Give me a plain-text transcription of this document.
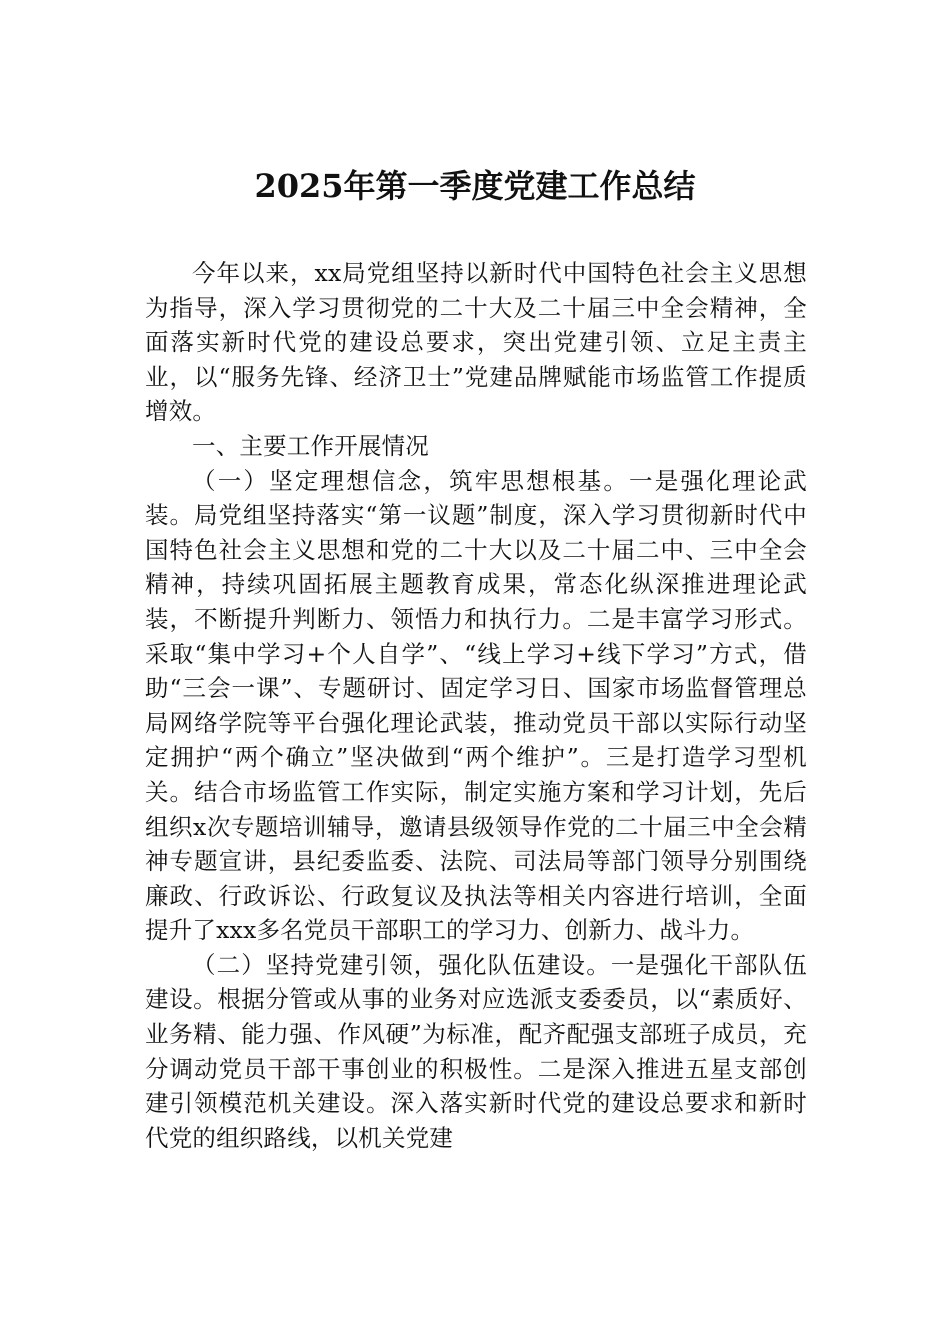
2025年第一季度党建工作总结

今年以来，xx局党组坚持以新时代中国特色社会主义思想为指导，深入学习贯彻党的二十大及二十届三中全会精神，全面落实新时代党的建设总要求，突出党建引领、立足主责主业，以“服务先锋、经济卫士”党建品牌赋能市场监管工作提质增效。

一、主要工作开展情况

（一）坚定理想信念，筑牢思想根基。一是强化理论武装。局党组坚持落实“第一议题”制度，深入学习贯彻新时代中国特色社会主义思想和党的二十大以及二十届二中、三中全会精神，持续巩固拓展主题教育成果，常态化纵深推进理论武装，不断提升判断力、领悟力和执行力。二是丰富学习形式。采取“集中学习+个人自学”、“线上学习+线下学习”方式，借助“三会一课”、专题研讨、固定学习日、国家市场监督管理总局网络学院等平台强化理论武装，推动党员干部以实际行动坚定拥护“两个确立”坚决做到“两个维护”。三是打造学习型机关。结合市场监管工作实际，制定实施方案和学习计划，先后组织x次专题培训辅导，邀请县级领导作党的二十届三中全会精神专题宣讲，县纪委监委、法院、司法局等部门领导分别围绕廉政、行政诉讼、行政复议及执法等相关内容进行培训，全面提升了xxx多名党员干部职工的学习力、创新力、战斗力。

（二）坚持党建引领，强化队伍建设。一是强化干部队伍建设。根据分管或从事的业务对应选派支委委员，以“素质好、业务精、能力强、作风硬”为标准，配齐配强支部班子成员，充分调动党员干部干事创业的积极性。二是深入推进五星支部创建引领模范机关建设。深入落实新时代党的建设总要求和新时代党的组织路线，以机关党建
